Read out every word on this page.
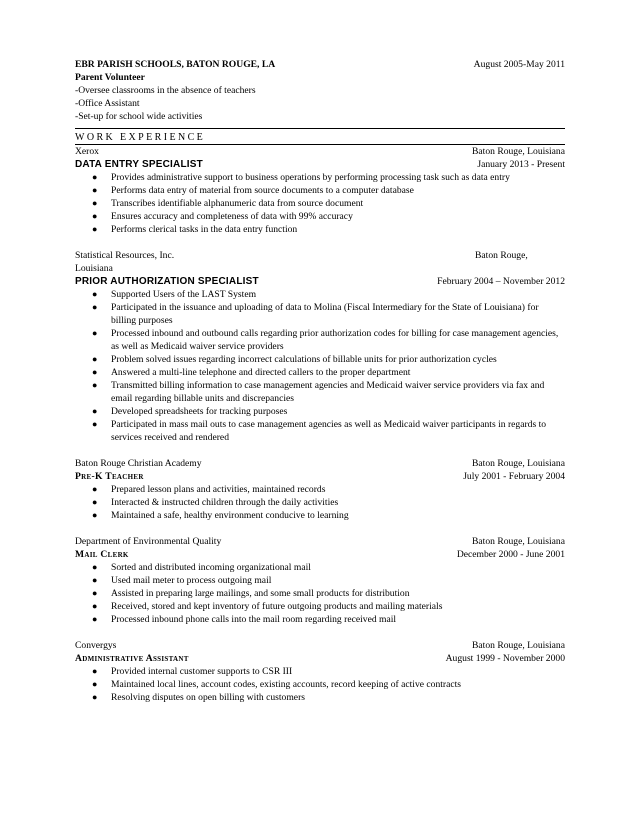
EBR PARISH SCHOOLS, BATON ROUGE, LA	August 2005-May 2011
Parent Volunteer
-Oversee classrooms in the absence of teachers
-Office Assistant
-Set-up for school wide activities
WORK EXPERIENCE
Xerox	Baton Rouge, Louisiana
DATA ENTRY SPECIALIST	January 2013 - Present
● Provides administrative support to business operations by performing processing task such as data entry
● Performs data entry of material from source documents to a computer database
● Transcribes identifiable alphanumeric data from source document
● Ensures accuracy and completeness of data with 99% accuracy
● Performs clerical tasks in the data entry function
Statistical Resources, Inc.	Baton Rouge,
Louisiana
PRIOR AUTHORIZATION SPECIALIST	February 2004 – November 2012
● Supported Users of the LAST System
● Participated in the issuance and uploading of data to Molina (Fiscal Intermediary for the State of Louisiana) for billing purposes
● Processed inbound and outbound calls regarding prior authorization codes for billing for case management agencies, as well as Medicaid waiver service providers
● Problem solved issues regarding incorrect calculations of billable units for prior authorization cycles
● Answered a multi-line telephone and directed callers to the proper department
● Transmitted billing information to case management agencies and Medicaid waiver service providers via fax and email regarding billable units and discrepancies
● Developed spreadsheets for tracking purposes
● Participated in mass mail outs to case management agencies as well as Medicaid waiver participants in regards to services received and rendered
Baton Rouge Christian Academy	Baton Rouge, Louisiana
Pre-K Teacher	July 2001 - February 2004
● Prepared lesson plans and activities, maintained records
● Interacted & instructed children through the daily activities
● Maintained a safe, healthy environment conducive to learning
Department of Environmental Quality	Baton Rouge, Louisiana
Mail Clerk	December 2000 - June 2001
● Sorted and distributed incoming organizational mail
● Used mail meter to process outgoing mail
● Assisted in preparing large mailings, and some small products for distribution
● Received, stored and kept inventory of future outgoing products and mailing materials
● Processed inbound phone calls into the mail room regarding received mail
Convergys	Baton Rouge, Louisiana
Administrative Assistant	August 1999 - November 2000
● Provided internal customer supports to CSR III
● Maintained local lines, account codes, existing accounts, record keeping of active contracts
● Resolving disputes on open billing with customers
